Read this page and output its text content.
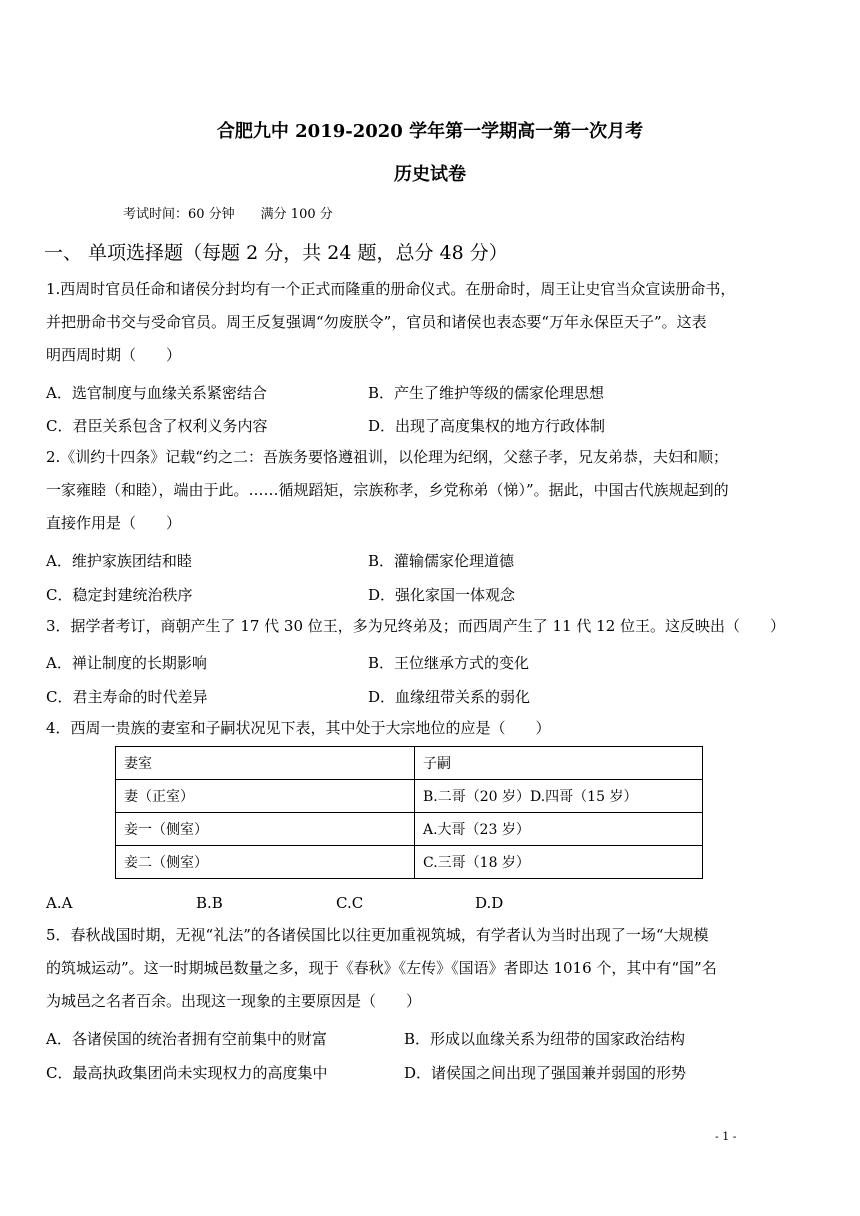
合肥九中 2019-2020 学年第一学期高一第一次月考
历史试卷
考试时间：60 分钟　　满分 100 分
一、 单项选择题（每题 2 分，共 24 题，总分 48 分）
1.西周时官员任命和诸侯分封均有一个正式而隆重的册命仪式。在册命时，周王让史官当众宣读册命书，
并把册命书交与受命官员。周王反复强调“勿废朕令”，官员和诸侯也表态要“万年永保臣天子”。这表
明西周时期（　　）
A．选官制度与血缘关系紧密结合	B．产生了维护等级的儒家伦理思想
C．君臣关系包含了权利义务内容	D．出现了高度集权的地方行政体制
2.《训约十四条》记载“约之二：吾族务要恪遵祖训，以伦理为纪纲，父慈子孝，兄友弟恭，夫妇和顺；
一家雍睦（和睦），端由于此。……循规蹈矩，宗族称孝，乡党称弟（悌）”。据此，中国古代族规起到的
直接作用是（　　）
A．维护家族团结和睦	B．灌输儒家伦理道德
C．稳定封建统治秩序	D．强化家国一体观念
3．据学者考订，商朝产生了 17 代 30 位王，多为兄终弟及；而西周产生了 11 代 12 位王。这反映出（　　）
A．禅让制度的长期影响	B．王位继承方式的变化
C．君主寿命的时代差异	D．血缘纽带关系的弱化
4．西周一贵族的妻室和子嗣状况见下表，其中处于大宗地位的应是（　　）
妻室	子嗣
妻（正室）	B.二哥（20 岁）D.四哥（15 岁）
妾一（侧室）	A.大哥（23 岁）
妾二（侧室）	C.三哥（18 岁）
A.A	B.B	C.C	D.D
5．春秋战国时期，无视“礼法”的各诸侯国比以往更加重视筑城，有学者认为当时出现了一场“大规模
的筑城运动”。这一时期城邑数量之多，现于《春秋》《左传》《国语》者即达 1016 个，其中有“国”名
为城邑之名者百余。出现这一现象的主要原因是（　　）
A．各诸侯国的统治者拥有空前集中的财富	B．形成以血缘关系为纽带的国家政治结构
C．最高执政集团尚未实现权力的高度集中	D．诸侯国之间出现了强国兼并弱国的形势
- 1 -
